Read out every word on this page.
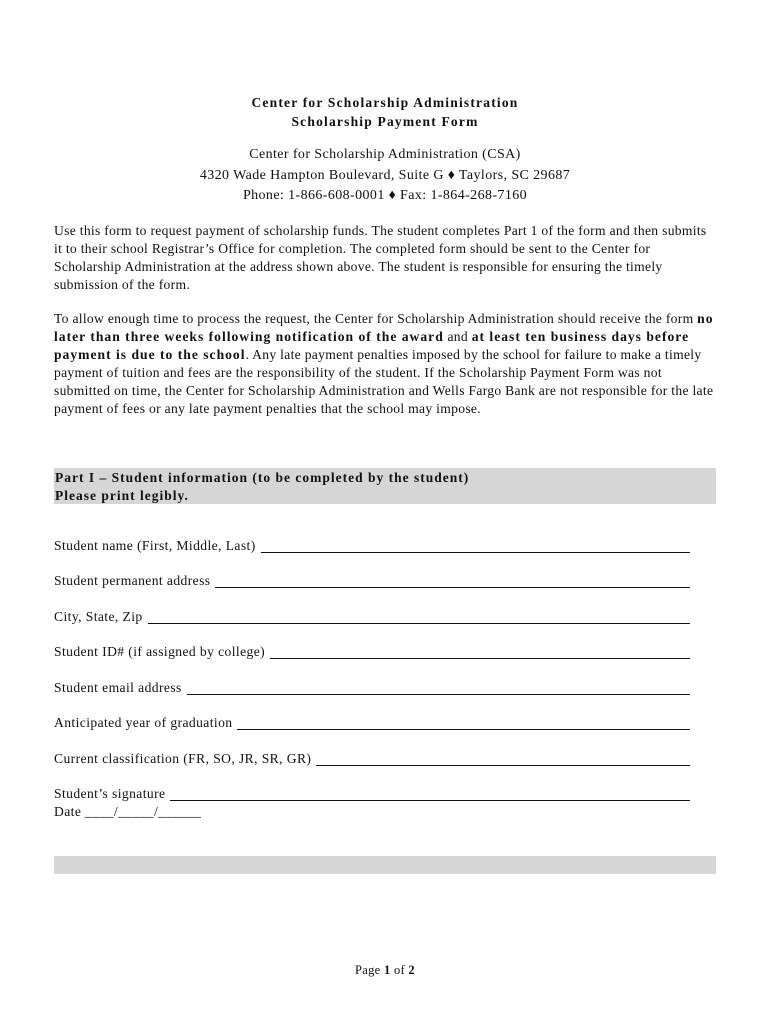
Center for Scholarship Administration
Scholarship Payment Form
Center for Scholarship Administration (CSA)
4320 Wade Hampton Boulevard, Suite G ♦ Taylors, SC 29687
Phone: 1-866-608-0001 ♦ Fax: 1-864-268-7160
Use this form to request payment of scholarship funds. The student completes Part 1 of the form and then submits it to their school Registrar’s Office for completion. The completed form should be sent to the Center for Scholarship Administration at the address shown above. The student is responsible for ensuring the timely submission of the form.
To allow enough time to process the request, the Center for Scholarship Administration should receive the form no later than three weeks following notification of the award and at least ten business days before payment is due to the school. Any late payment penalties imposed by the school for failure to make a timely payment of tuition and fees are the responsibility of the student. If the Scholarship Payment Form was not submitted on time, the Center for Scholarship Administration and Wells Fargo Bank are not responsible for the late payment of fees or any late payment penalties that the school may impose.
Part I – Student information (to be completed by the student)
Please print legibly.
Student name (First, Middle, Last)
Student permanent address
City, State, Zip
Student ID# (if assigned by college)
Student email address
Anticipated year of graduation
Current classification (FR, SO, JR, SR, GR)
Student’s signature
Date ____/_____/______
Page 1 of 2
